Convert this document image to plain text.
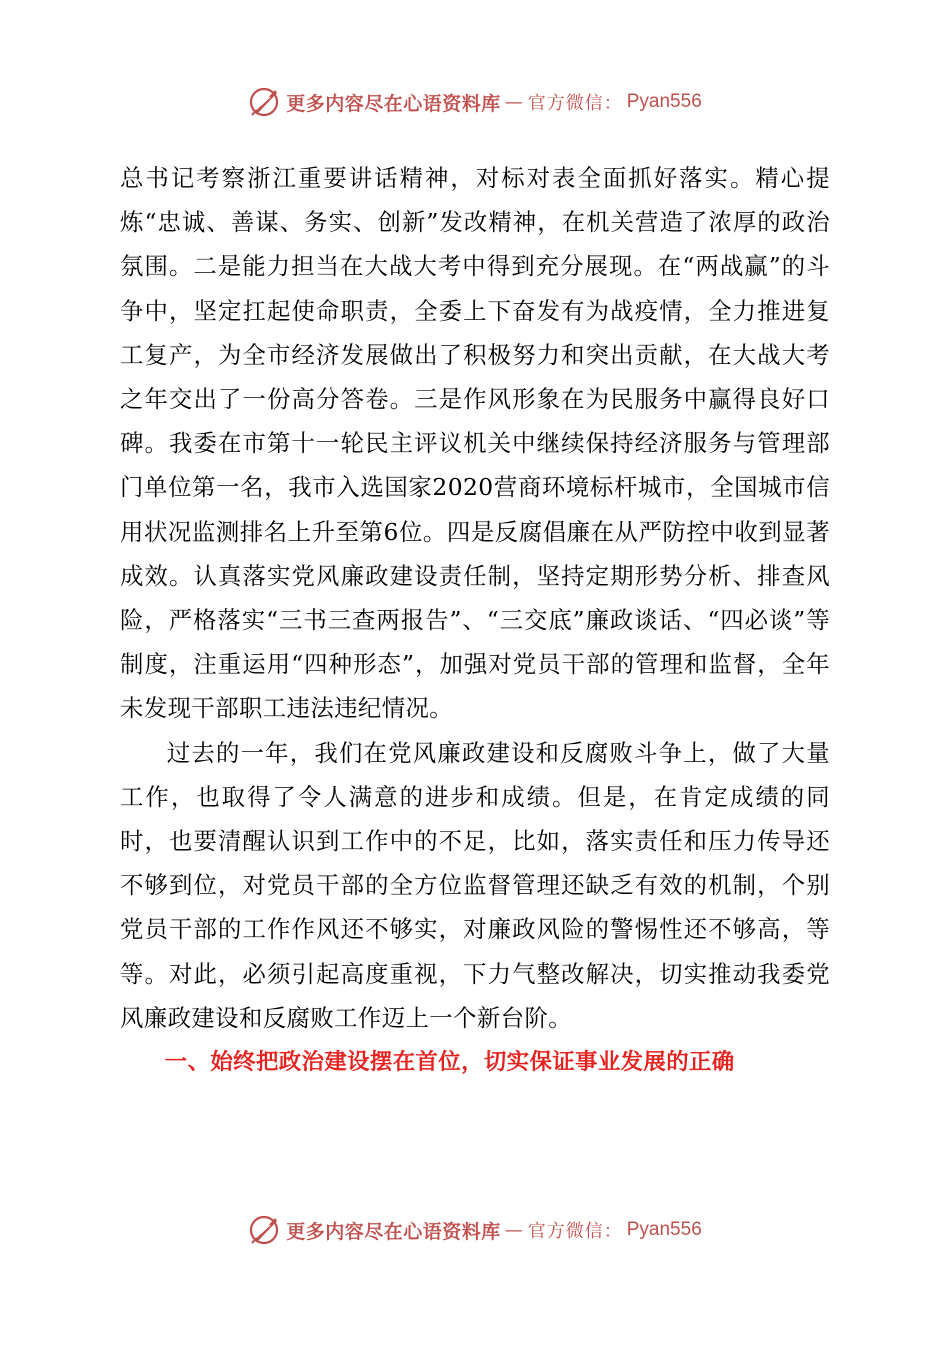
更多内容尽在心语资料库 — 官方微信： Pyan556

总书记考察浙江重要讲话精神，对标对表全面抓好落实。精心提炼“忠诚、善谋、务实、创新”发改精神，在机关营造了浓厚的政治氛围。二是能力担当在大战大考中得到充分展现。在“两战赢”的斗争中，坚定扛起使命职责，全委上下奋发有为战疫情，全力推进复工复产，为全市经济发展做出了积极努力和突出贡献，在大战大考之年交出了一份高分答卷。三是作风形象在为民服务中赢得良好口碑。我委在市第十一轮民主评议机关中继续保持经济服务与管理部门单位第一名，我市入选国家2020营商环境标杆城市，全国城市信用状况监测排名上升至第6位。四是反腐倡廉在从严防控中收到显著成效。认真落实党风廉政建设责任制，坚持定期形势分析、排查风险，严格落实“三书三查两报告”、“三交底”廉政谈话、“四必谈”等制度，注重运用“四种形态”，加强对党员干部的管理和监督，全年未发现干部职工违法违纪情况。

过去的一年，我们在党风廉政建设和反腐败斗争上，做了大量工作，也取得了令人满意的进步和成绩。但是，在肯定成绩的同时，也要清醒认识到工作中的不足，比如，落实责任和压力传导还不够到位，对党员干部的全方位监督管理还缺乏有效的机制，个别党员干部的工作作风还不够实，对廉政风险的警惕性还不够高，等等。对此，必须引起高度重视，下力气整改解决，切实推动我委党风廉政建设和反腐败工作迈上一个新台阶。

一、始终把政治建设摆在首位，切实保证事业发展的正确

更多内容尽在心语资料库 — 官方微信： Pyan556
